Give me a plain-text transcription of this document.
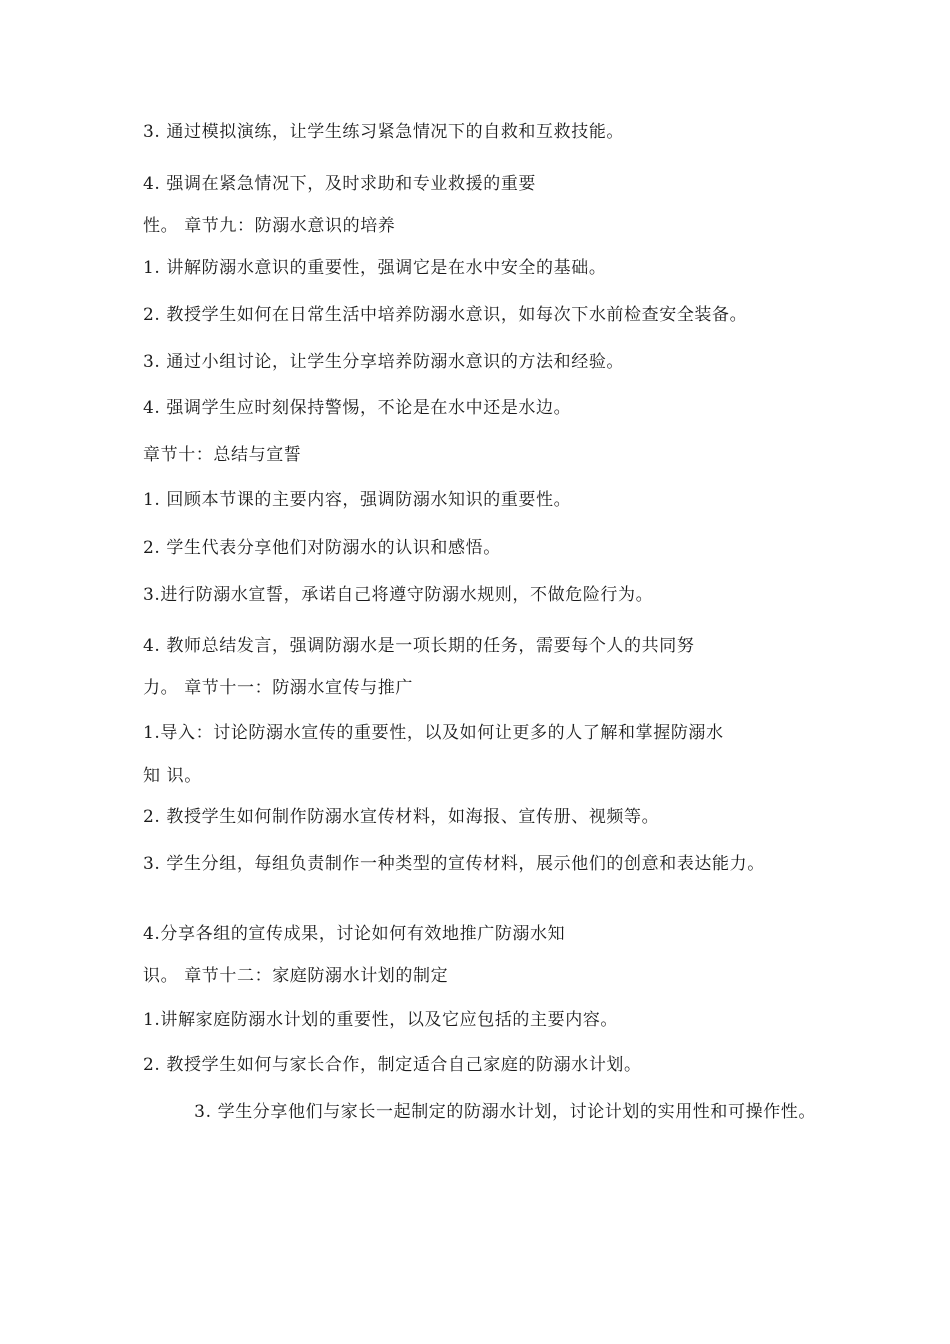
3. 通过模拟演练，让学生练习紧急情况下的自救和互救技能。
4. 强调在紧急情况下，及时求助和专业救援的重要
性。 章节九：防溺水意识的培养
1. 讲解防溺水意识的重要性，强调它是在水中安全的基础。
2. 教授学生如何在日常生活中培养防溺水意识，如每次下水前检查安全装备。
3. 通过小组讨论，让学生分享培养防溺水意识的方法和经验。
4. 强调学生应时刻保持警惕，不论是在水中还是水边。
章节十：总结与宣誓
1. 回顾本节课的主要内容，强调防溺水知识的重要性。
2. 学生代表分享他们对防溺水的认识和感悟。
3.进行防溺水宣誓，承诺自己将遵守防溺水规则，不做危险行为。
4. 教师总结发言，强调防溺水是一项长期的任务，需要每个人的共同努
力。 章节十一：防溺水宣传与推广
1.导入：讨论防溺水宣传的重要性，以及如何让更多的人了解和掌握防溺水
知 识。
2. 教授学生如何制作防溺水宣传材料，如海报、宣传册、视频等。
3. 学生分组，每组负责制作一种类型的宣传材料，展示他们的创意和表达能力。
4.分享各组的宣传成果，讨论如何有效地推广防溺水知
识。 章节十二：家庭防溺水计划的制定
1.讲解家庭防溺水计划的重要性，以及它应包括的主要内容。
2. 教授学生如何与家长合作，制定适合自己家庭的防溺水计划。
3. 学生分享他们与家长一起制定的防溺水计划，讨论计划的实用性和可操作性。
